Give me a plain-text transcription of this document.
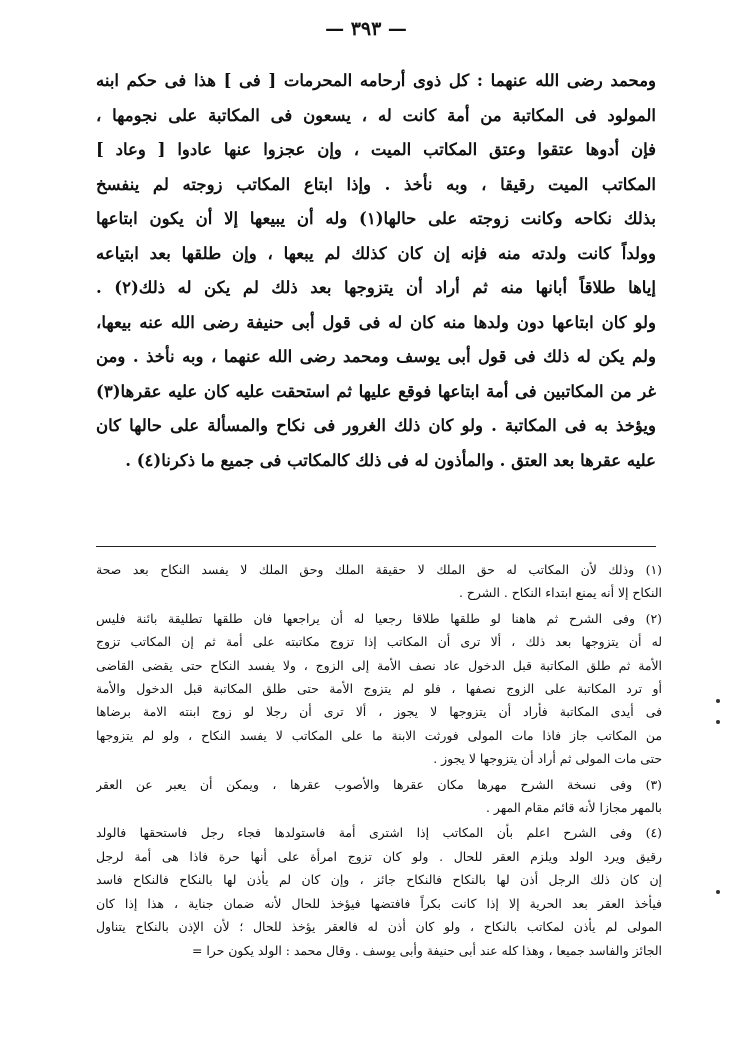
— ٣٩٣ —
ومحمد رضى الله عنهما : كل ذوى أرحامه المحرمات [ فى ] هذا فى حكم ابنه
المولود فى المكاتبة من أمة كانت له ، يسعون فى المكاتبة على نجومها ،
فإن أدوها عتقوا وعتق المكاتب الميت ، وإن عجزوا عنها عادوا [ وعاد ]
المكاتب الميت رقيقا ، وبه نأخذ . وإذا ابتاع المكاتب زوجته لم ينفسخ
بذلك نكاحه وكانت زوجته على حالها(١) وله أن يبيعها إلا أن يكون ابتاعها
وولداً كانت ولدته منه فإنه إن كان كذلك لم يبعها ، وإن طلقها بعد ابتياعه
إياها طلاقاً أبانها منه ثم أراد أن يتزوجها بعد ذلك لم يكن له ذلك(٢) .
ولو كان ابتاعها دون ولدها منه كان له فى قول أبى حنيفة رضى الله عنه بيعها،
ولم يكن له ذلك فى قول أبى يوسف ومحمد رضى الله عنهما ، وبه نأخذ . ومن
غر من المكاتبين فى أمة ابتاعها فوقع عليها ثم استحقت عليه كان عليه عقرها(٣)
ويؤخذ به فى المكاتبة . ولو كان ذلك الغرور فى نكاح والمسألة على حالها كان
عليه عقرها بعد العتق . والمأذون له فى ذلك كالمكاتب فى جميع ما ذكرنا(٤) .
(١) وذلك لأن المكاتب له حق الملك لا حقيقة الملك وحق الملك لا يفسد النكاح بعد صحة
النكاح إلا أنه يمنع ابتداء النكاح . الشرح .
(٢) وفى الشرح ثم هاهنا لو طلقها طلاقا رجعيا له أن يراجعها فان طلقها تطليقة بائنة فليس
له أن يتزوجها بعد ذلك ، ألا ترى أن المكاتب إذا تزوج مكاتبته على أمة ثم إن المكاتب تزوج
الأمة ثم طلق المكاتبة قبل الدخول عاد نصف الأمة إلى الزوج ، ولا يفسد النكاح حتى يقضى القاضى
أو ترد المكاتبة على الزوج نصفها ، فلو لم يتزوج الأمة حتى طلق المكاتبة قبل الدخول والأمة
فى أيدى المكاتبة فأراد أن يتزوجها لا يجوز ، ألا ترى أن رجلا لو زوج ابنته الامة برضاها
من المكاتب جاز فاذا مات المولى فورثت الابنة ما على المكاتب لا يفسد النكاح ، ولو لم يتزوجها
حتى مات المولى ثم أراد أن يتزوجها لا يجوز .
(٣) وفى نسخة الشرح مهرها مكان عقرها والأصوب عقرها ، ويمكن أن يعبر عن العقر
بالمهر مجازا لأنه قائم مقام المهر .
(٤) وفى الشرح اعلم بأن المكاتب إذا اشترى أمة فاستولدها فجاء رجل فاستحقها فالولد
رقيق ويرد الولد ويلزم العقر للحال . ولو كان تزوج امرأة على أنها حرة فاذا هى أمة لرجل
إن كان ذلك الرجل أذن لها بالنكاح فالنكاح جائز ، وإن كان لم يأذن لها بالنكاح فالنكاح فاسد
فيأخذ العقر بعد الحرية إلا إذا كانت بكراً فافتضها فيؤخذ للحال لأنه ضمان جناية ، هذا إذا كان
المولى لم يأذن لمكاتب بالنكاح ، ولو كان أذن له فالعقر يؤخذ للحال ؛ لأن الإذن بالنكاح يتناول
الجائز والفاسد جميعا ، وهذا كله عند أبى حنيفة وأبى يوسف . وقال محمد : الولد يكون حرا =
